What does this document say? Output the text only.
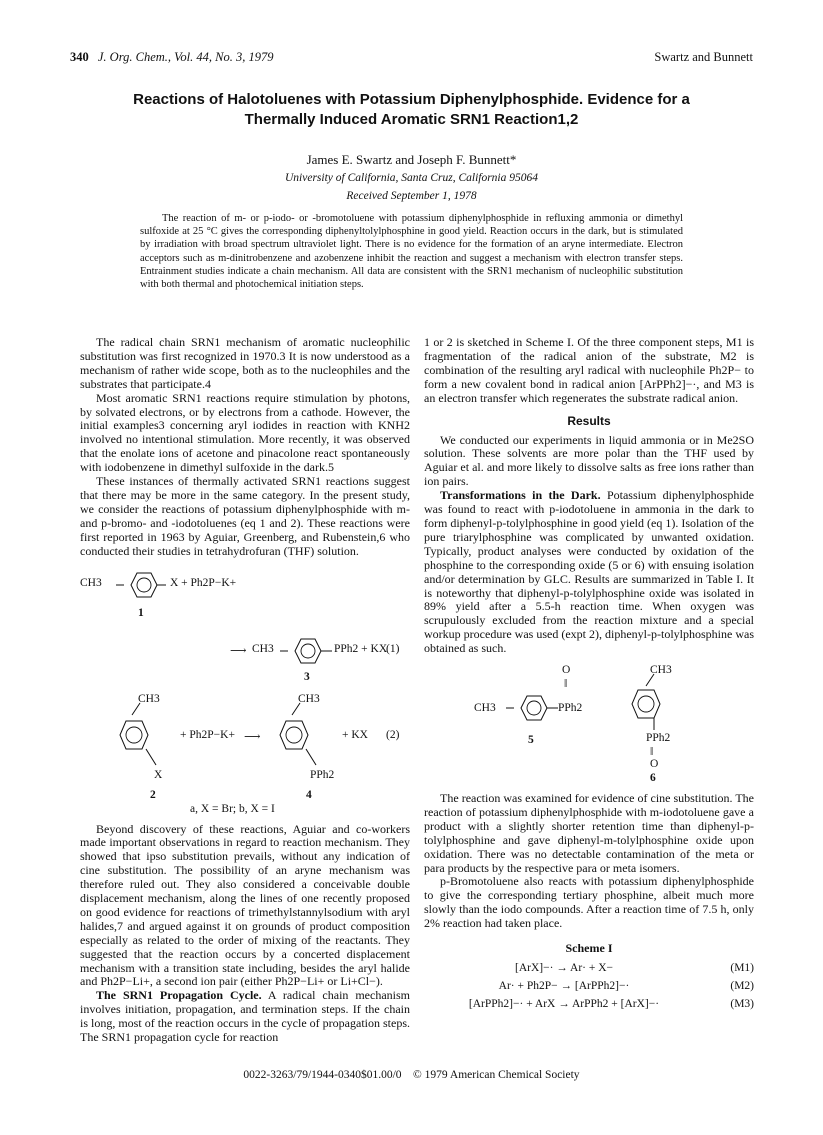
340 J. Org. Chem., Vol. 44, No. 3, 1979	Swartz and Bunnett
Reactions of Halotoluenes with Potassium Diphenylphosphide. Evidence for a Thermally Induced Aromatic SRN1 Reaction1,2
James E. Swartz and Joseph F. Bunnett*
University of California, Santa Cruz, California 95064
Received September 1, 1978

The reaction of m- or p-iodo- or -bromotoluene with potassium diphenylphosphide in refluxing ammonia or dimethyl sulfoxide at 25 °C gives the corresponding diphenyltolylphosphine in good yield. Reaction occurs in the dark, but is stimulated by irradiation with broad spectrum ultraviolet light. There is no evidence for the formation of an aryne intermediate. Electron acceptors such as m-dinitrobenzene and azobenzene inhibit the reaction and suggest a mechanism with electron transfer steps. Entrainment studies indicate a chain mechanism. All data are consistent with the SRN1 mechanism of nucleophilic substitution with both thermal and photochemical initiation steps.

The radical chain SRN1 mechanism of aromatic nucleophilic substitution was first recognized in 1970.3 It is now understood as a mechanism of rather wide scope, both as to the nucleophiles and the substrates that participate.4

Most aromatic SRN1 reactions require stimulation by photons, by solvated electrons, or by electrons from a cathode. However, the initial examples3 concerning aryl iodides in reaction with KNH2 involved no intentional stimulation. More recently, it was observed that the enolate ions of acetone and pinacolone react spontaneously with iodobenzene in dimethyl sulfoxide in the dark.5

These instances of thermally activated SRN1 reactions suggest that there may be more in the same category. In the present study, we consider the reactions of potassium diphenylphosphide with m- and p-bromo- and -iodotoluenes (eq 1 and 2). These reactions were first reported in 1963 by Aguiar, Greenberg, and Rubenstein,6 who conducted their studies in tetrahydrofuran (THF) solution.

CH3	X + Ph2P−K+
1
⟶ CH3	PPh2 + KX
(1)
3
CH3
X
+ Ph2P−K+ ⟶
CH3
PPh2
+ KX (2)
2	4
a, X = Br; b, X = I

Beyond discovery of these reactions, Aguiar and co-workers made important observations in regard to reaction mechanism. They showed that ipso substitution prevails, without any indication of cine substitution. The possibility of an aryne mechanism was therefore ruled out. They also considered a conceivable double displacement mechanism, along the lines of one recently proposed on good evidence for reactions of trimethylstannylsodium with aryl halides,7 and argued against it on grounds of product composition especially as related to the order of mixing of the reactants. They suggested that the reaction occurs by a concerted displacement mechanism with a transition state including, besides the aryl halide and Ph2P−Li+, a second ion pair (either Ph2P−Li+ or Li+Cl−).

The SRN1 Propagation Cycle. A radical chain mechanism involves initiation, propagation, and termination steps. If the chain is long, most of the reaction occurs in the cycle of propagation steps. The SRN1 propagation cycle for reaction

1 or 2 is sketched in Scheme I. Of the three component steps, M1 is fragmentation of the radical anion of the substrate, M2 is combination of the resulting aryl radical with nucleophile Ph2P− to form a new covalent bond in radical anion [ArPPh2]−·, and M3 is an electron transfer which regenerates the substrate radical anion.

Results

We conducted our experiments in liquid ammonia or in Me2SO solution. These solvents are more polar than the THF used by Aguiar et al. and more likely to dissolve salts as free ions rather than ion pairs.

Transformations in the Dark. Potassium diphenylphosphide was found to react with p-iodotoluene in ammonia in the dark to form diphenyl-p-tolylphosphine in good yield (eq 1). Isolation of the pure triarylphosphine was complicated by unwanted oxidation. Typically, product analyses were conducted by oxidation of the phosphine to the corresponding oxide (5 or 6) with ensuing isolation and/or determination by GLC. Results are summarized in Table I. It is noteworthy that diphenyl-p-tolylphosphine oxide was isolated in 89% yield after a 5.5-h reaction time. When oxygen was scrupulously excluded from the reaction mixture and a special workup procedure was used (expt 2), diphenyl-p-tolylphosphine was obtained as such.

CH3
O
‖
PPh2
5
CH3
PPh2
‖
O
6

The reaction was examined for evidence of cine substitution. The reaction of potassium diphenylphosphide with m-iodotoluene gave a product with a slightly shorter retention time than diphenyl-p-tolylphosphine and gave diphenyl-m-tolylphosphine oxide upon oxidation. There was no detectable contamination of the meta or para products by the respective para or meta isomers.

p-Bromotoluene also reacts with potassium diphenylphosphide to give the corresponding tertiary phosphine, albeit much more slowly than the iodo compounds. After a reaction time of 7.5 h, only 2% reaction had taken place.

Scheme I
[ArX]−· → Ar· + X−	(M1)
Ar· + Ph2P− → [ArPPh2]−·	(M2)
[ArPPh2]−· + ArX → ArPPh2 + [ArX]−·	(M3)
0022-3263/79/1944-0340$01.00/0 © 1979 American Chemical Society
